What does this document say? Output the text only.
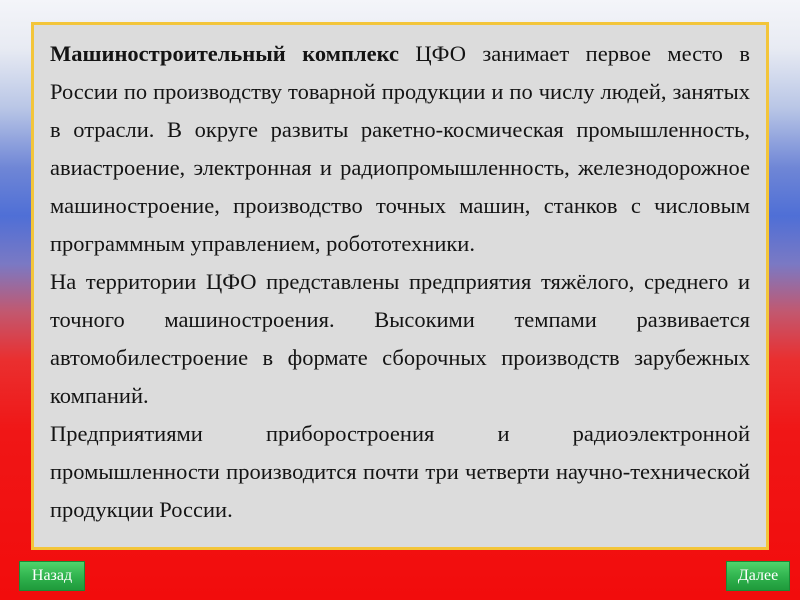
Машиностроительный комплекс ЦФО занимает первое место в России по производству товарной продукции и по числу людей, занятых в отрасли. В округе развиты ракетно-космическая промышленность, авиастроение, электронная и радиопромышленность, железнодорожное машиностроение, производство точных машин, станков с числовым программным управлением, робототехники.

На территории ЦФО представлены предприятия тяжёлого, среднего и точного машиностроения. Высокими темпами развивается автомобилестроение в формате сборочных производств зарубежных компаний.

Предприятиями приборостроения и радиоэлектронной промышленности производится почти три четверти научно-технической продукции России.

Назад	Далее
